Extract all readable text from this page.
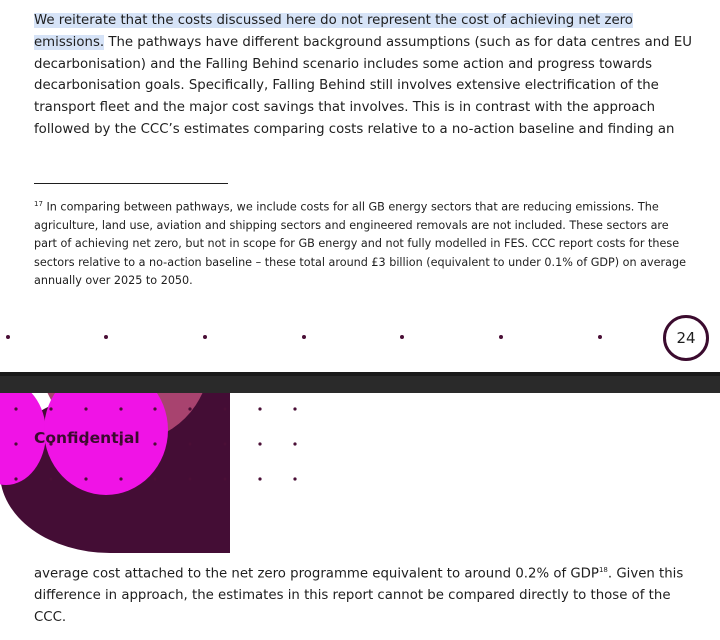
We reiterate that the costs discussed here do not represent the cost of achieving net zero emissions. The pathways have different background assumptions (such as for data centres and EU decarbonisation) and the Falling Behind scenario includes some action and progress towards decarbonisation goals. Specifically, Falling Behind still involves extensive electrification of the transport fleet and the major cost savings that involves. This is in contrast with the approach followed by the CCC’s estimates comparing costs relative to a no-action baseline and finding an

$^{17}$ In comparing between pathways, we include costs for all GB energy sectors that are reducing emissions. The agriculture, land use, aviation and shipping sectors and engineered removals are not included. These sectors are part of achieving net zero, but not in scope for GB energy and not fully modelled in FES. CCC report costs for these sectors relative to a no-action baseline – these total around £3 billion (equivalent to under 0.1% of GDP) on average annually over 2025 to 2050.

24
Confidential	NESO
National Energy
System Operator

average cost attached to the net zero programme equivalent to around 0.2% of GDP$^{18}$. Given this difference in approach, the estimates in this report cannot be compared directly to those of the CCC.
